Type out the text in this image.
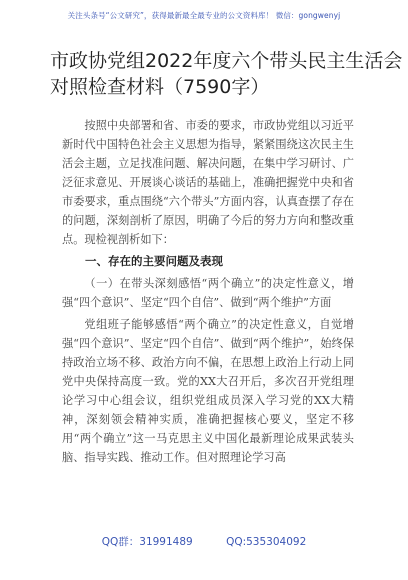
关注头条号“公文研究”，获得最新最全最专业的公文资料库！ 微信：gongwenyj
市政协党组2022年度六个带头民主生活会
对照检查材料（7590字）

按照中央部署和省、市委的要求，市政协党组以习近平新时代中国特色社会主义思想为指导，紧紧围绕这次民主生活会主题，立足找准问题、解决问题，在集中学习研讨、广泛征求意见、开展谈心谈话的基础上，准确把握党中央和省市委要求，重点围绕“六个带头”方面内容，认真查摆了存在的问题，深刻剖析了原因，明确了今后的努力方向和整改重点。现检视剖析如下：

一、存在的主要问题及表现

（一）在带头深刻感悟“两个确立”的决定性意义，增强“四个意识”、坚定“四个自信”、做到“两个维护”方面

党组班子能够感悟“两个确立”的决定性意义，自觉增强“四个意识”、坚定“四个自信”、做到“两个维护”，始终保持政治立场不移、政治方向不偏，在思想上政治上行动上同党中央保持高度一致。党的XX大召开后，多次召开党组理论学习中心组会议，组织党组成员深入学习党的XX大精神，深刻领会精神实质，准确把握核心要义，坚定不移用“两个确立”这一马克思主义中国化最新理论成果武装头脑、指导实践、推动工作。但对照理论学习高

QQ群：31991489	QQ:535304092
